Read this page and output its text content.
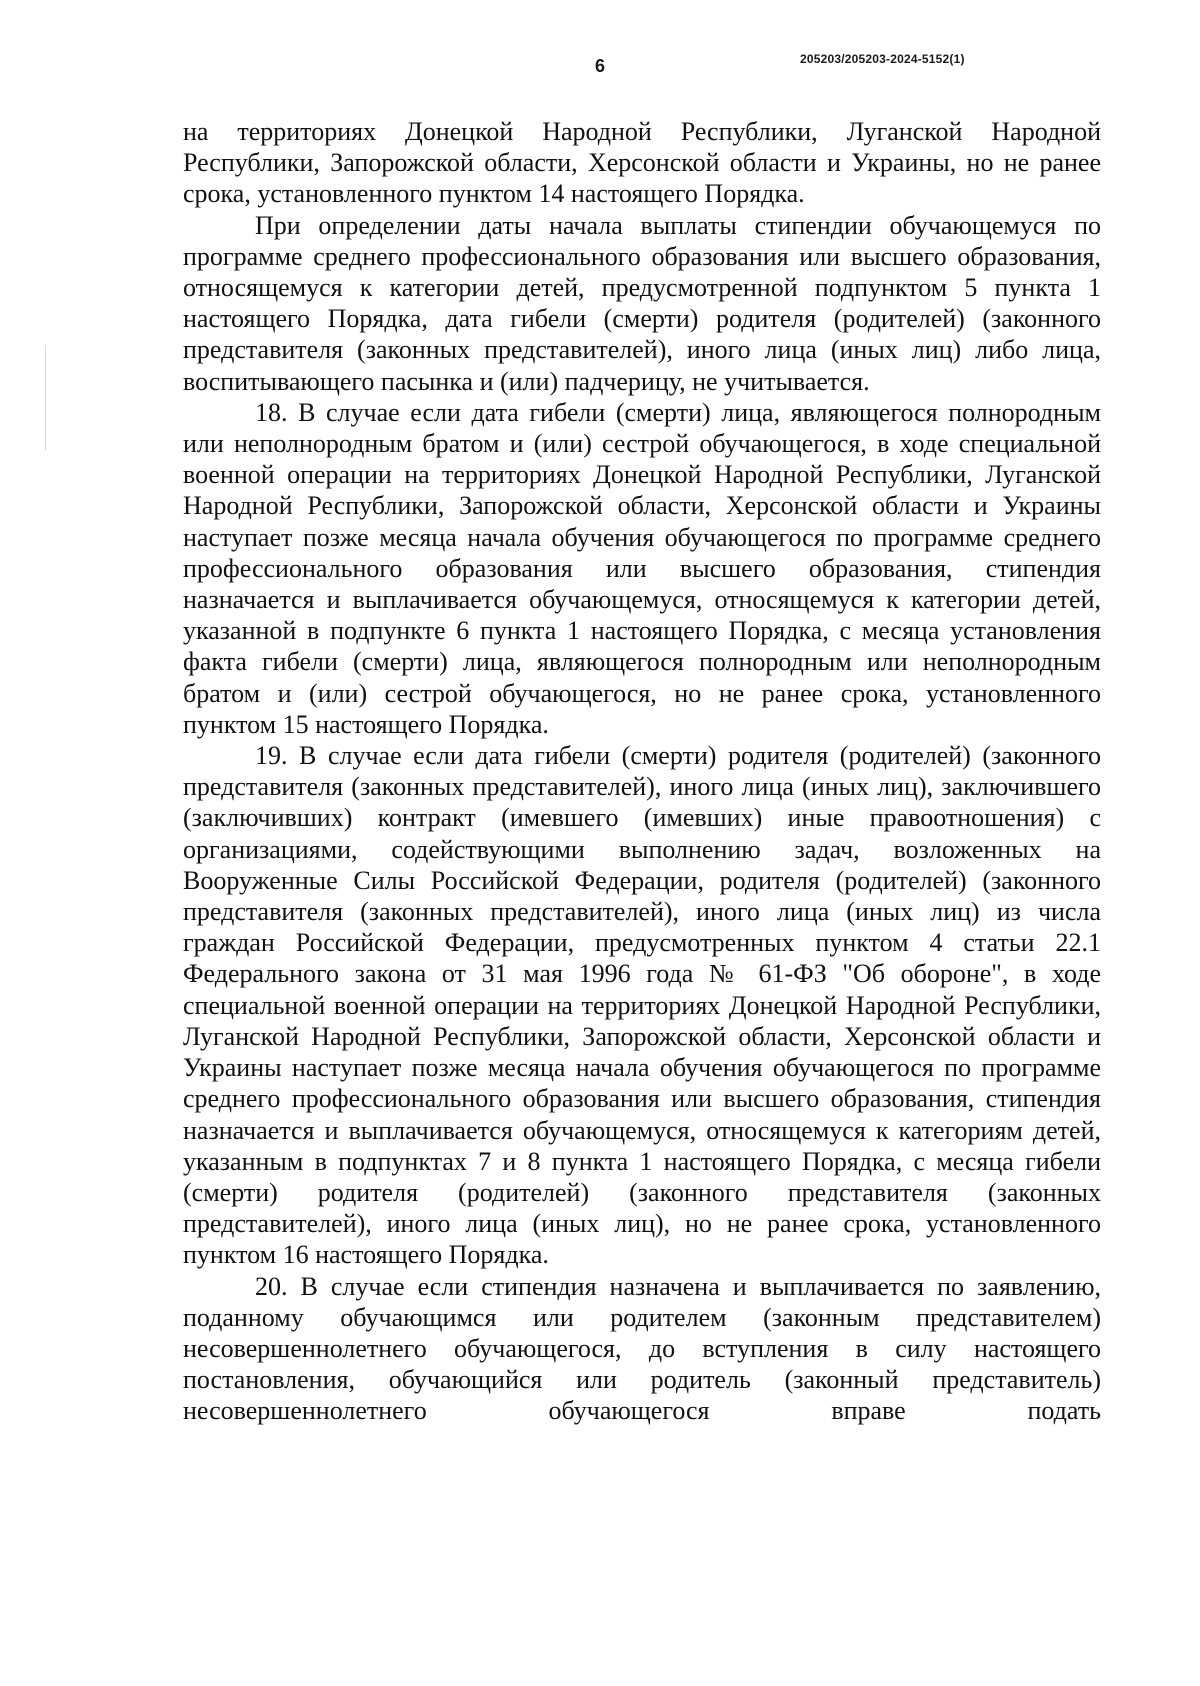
6	205203/205203-2024-5152(1)

на территориях Донецкой Народной Республики, Луганской Народной Республики, Запорожской области, Херсонской области и Украины, но не ранее срока, установленного пунктом 14 настоящего Порядка.

При определении даты начала выплаты стипендии обучающемуся по программе среднего профессионального образования или высшего образования, относящемуся к категории детей, предусмотренной подпунктом 5 пункта 1 настоящего Порядка, дата гибели (смерти) родителя (родителей) (законного представителя (законных представителей), иного лица (иных лиц) либо лица, воспитывающего пасынка и (или) падчерицу, не учитывается.

18. В случае если дата гибели (смерти) лица, являющегося полнородным или неполнородным братом и (или) сестрой обучающегося, в ходе специальной военной операции на территориях Донецкой Народной Республики, Луганской Народной Республики, Запорожской области, Херсонской области и Украины наступает позже месяца начала обучения обучающегося по программе среднего профессионального образования или высшего образования, стипендия назначается и выплачивается обучающемуся, относящемуся к категории детей, указанной в подпункте 6 пункта 1 настоящего Порядка, с месяца установления факта гибели (смерти) лица, являющегося полнородным или неполнородным братом и (или) сестрой обучающегося, но не ранее срока, установленного пунктом 15 настоящего Порядка.

19. В случае если дата гибели (смерти) родителя (родителей) (законного представителя (законных представителей), иного лица (иных лиц), заключившего (заключивших) контракт (имевшего (имевших) иные правоотношения) с организациями, содействующими выполнению задач, возложенных на Вооруженные Силы Российской Федерации, родителя (родителей) (законного представителя (законных представителей), иного лица (иных лиц) из числа граждан Российской Федерации, предусмотренных пунктом 4 статьи 22.1 Федерального закона от 31 мая 1996 года № 61-ФЗ "Об обороне", в ходе специальной военной операции на территориях Донецкой Народной Республики, Луганской Народной Республики, Запорожской области, Херсонской области и Украины наступает позже месяца начала обучения обучающегося по программе среднего профессионального образования или высшего образования, стипендия назначается и выплачивается обучающемуся, относящемуся к категориям детей, указанным в подпунктах 7 и 8 пункта 1 настоящего Порядка, с месяца гибели (смерти) родителя (родителей) (законного представителя (законных представителей), иного лица (иных лиц), но не ранее срока, установленного пунктом 16 настоящего Порядка.

20. В случае если стипендия назначена и выплачивается по заявлению, поданному обучающимся или родителем (законным представителем) несовершеннолетнего обучающегося, до вступления в силу настоящего постановления, обучающийся или родитель (законный представитель) несовершеннолетнего обучающегося вправе подать
